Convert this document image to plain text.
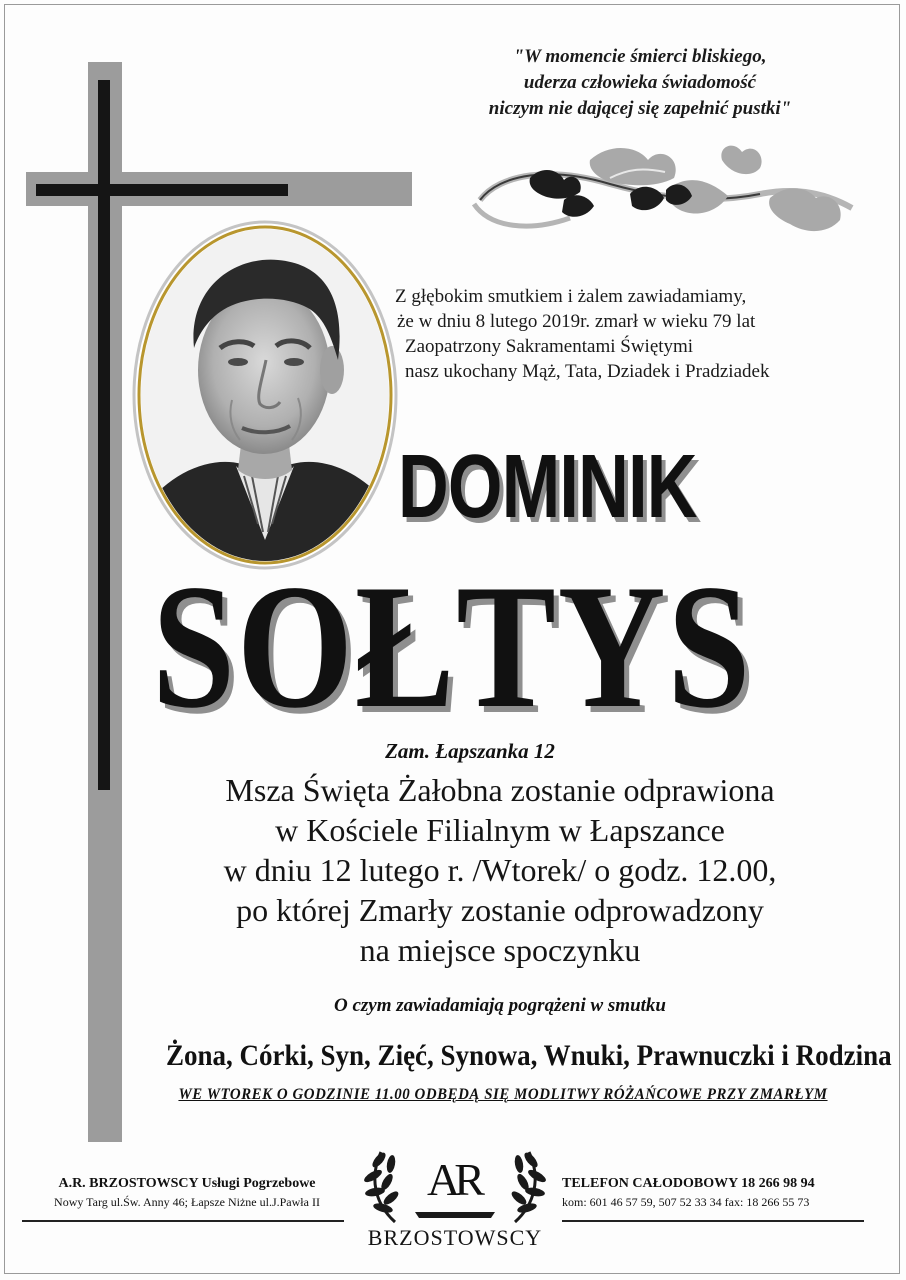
"W momencie śmierci bliskiego,
uderza człowieka świadomość
niczym nie dającej się zapełnić pustki"
Z głębokim smutkiem i żalem zawiadamiamy,
że w dniu 8 lutego 2019r. zmarł w wieku 79 lat
Zaopatrzony Sakramentami Świętymi
nasz ukochany Mąż, Tata, Dziadek i Pradziadek
DOMINIK
SOŁTYS
Zam. Łapszanka 12
Msza Święta Żałobna zostanie odprawiona
w Kościele Filialnym w Łapszance
w dniu 12 lutego r. /Wtorek/ o godz. 12.00,
po której Zmarły zostanie odprowadzony
na miejsce spoczynku
O czym zawiadamiają pogrążeni w smutku
Żona, Córki, Syn, Zięć, Synowa, Wnuki, Prawnuczki i Rodzina
WE WTOREK O GODZINIE 11.00 ODBĘDĄ SIĘ MODLITWY RÓŻAŃCOWE PRZY ZMARŁYM
A.R. BRZOSTOWSCY Usługi Pogrzebowe
Nowy Targ ul.Św. Anny 46; Łapsze Niżne ul.J.Pawła II	AR
BRZOSTOWSCY
TELEFON CAŁODOBOWY 18 266 98 94
kom: 601 46 57 59, 507 52 33 34 fax: 18 266 55 73
